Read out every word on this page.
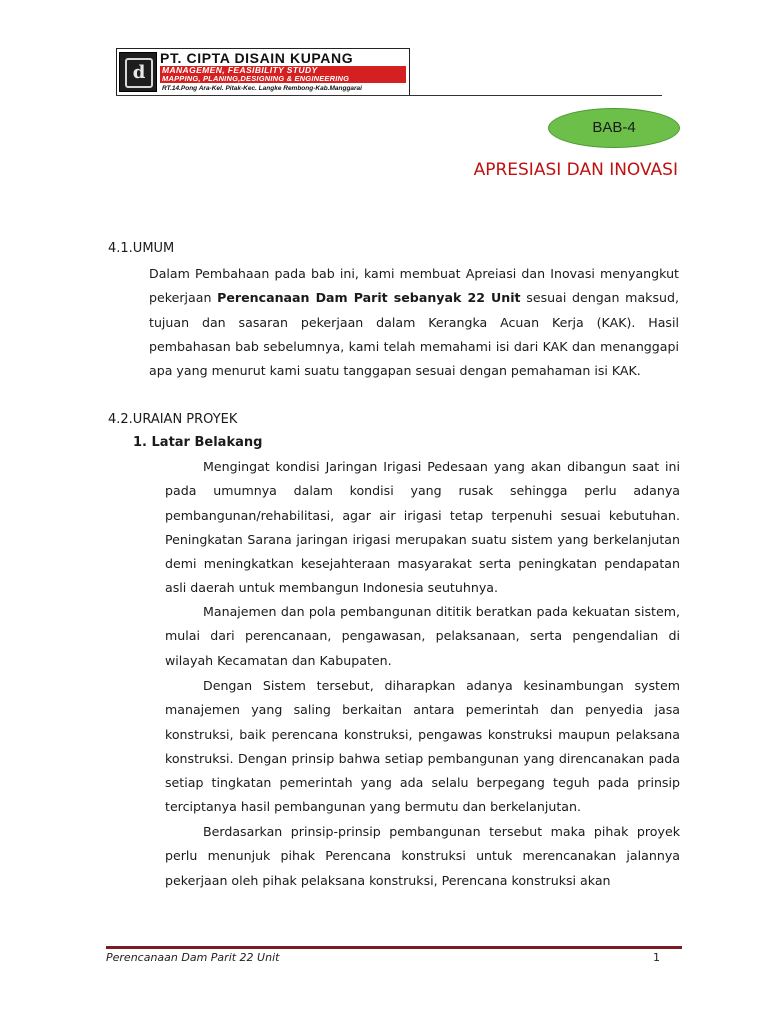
d
PT. CIPTA DISAIN KUPANG
MANAGEMEN, FEASIBILITY STUDY
MAPPING, PLANING,DESIGNING & ENGINEERING
RT.14.Pong Ara-Kel. Pitak-Kec. Langke Rembong-Kab.Manggarai
BAB-4
APRESIASI DAN INOVASI
4.1.UMUM

Dalam Pembahaan pada bab ini, kami membuat Apreiasi dan Inovasi menyangkut pekerjaan Perencanaan Dam Parit sebanyak 22 Unit sesuai dengan maksud, tujuan dan sasaran pekerjaan dalam Kerangka Acuan Kerja (KAK). Hasil pembahasan bab sebelumnya, kami telah memahami isi dari KAK dan menanggapi apa yang menurut kami suatu tanggapan sesuai dengan pemahaman isi KAK.

4.2.URAIAN PROYEK
1. Latar Belakang

Mengingat kondisi Jaringan Irigasi Pedesaan yang akan dibangun saat ini pada umumnya dalam kondisi yang rusak sehingga perlu adanya pembangunan/rehabilitasi, agar air irigasi tetap terpenuhi sesuai kebutuhan. Peningkatan Sarana jaringan irigasi merupakan suatu sistem yang berkelanjutan demi meningkatkan kesejahteraan masyarakat serta peningkatan pendapatan asli daerah untuk membangun Indonesia seutuhnya.

Manajemen dan pola pembangunan dititik beratkan pada kekuatan sistem, mulai dari perencanaan, pengawasan, pelaksanaan, serta pengendalian di wilayah Kecamatan dan Kabupaten.

Dengan Sistem tersebut, diharapkan adanya kesinambungan system manajemen yang saling berkaitan antara pemerintah dan penyedia jasa konstruksi, baik perencana konstruksi, pengawas konstruksi maupun pelaksana konstruksi. Dengan prinsip bahwa setiap pembangunan yang direncanakan pada setiap tingkatan pemerintah yang ada selalu berpegang teguh pada prinsip terciptanya hasil pembangunan yang bermutu dan berkelanjutan.

Berdasarkan prinsip-prinsip pembangunan tersebut maka pihak proyek perlu menunjuk pihak Perencana konstruksi untuk merencanakan jalannya pekerjaan oleh pihak pelaksana konstruksi, Perencana konstruksi akan

Perencanaan Dam Parit 22 Unit	1
